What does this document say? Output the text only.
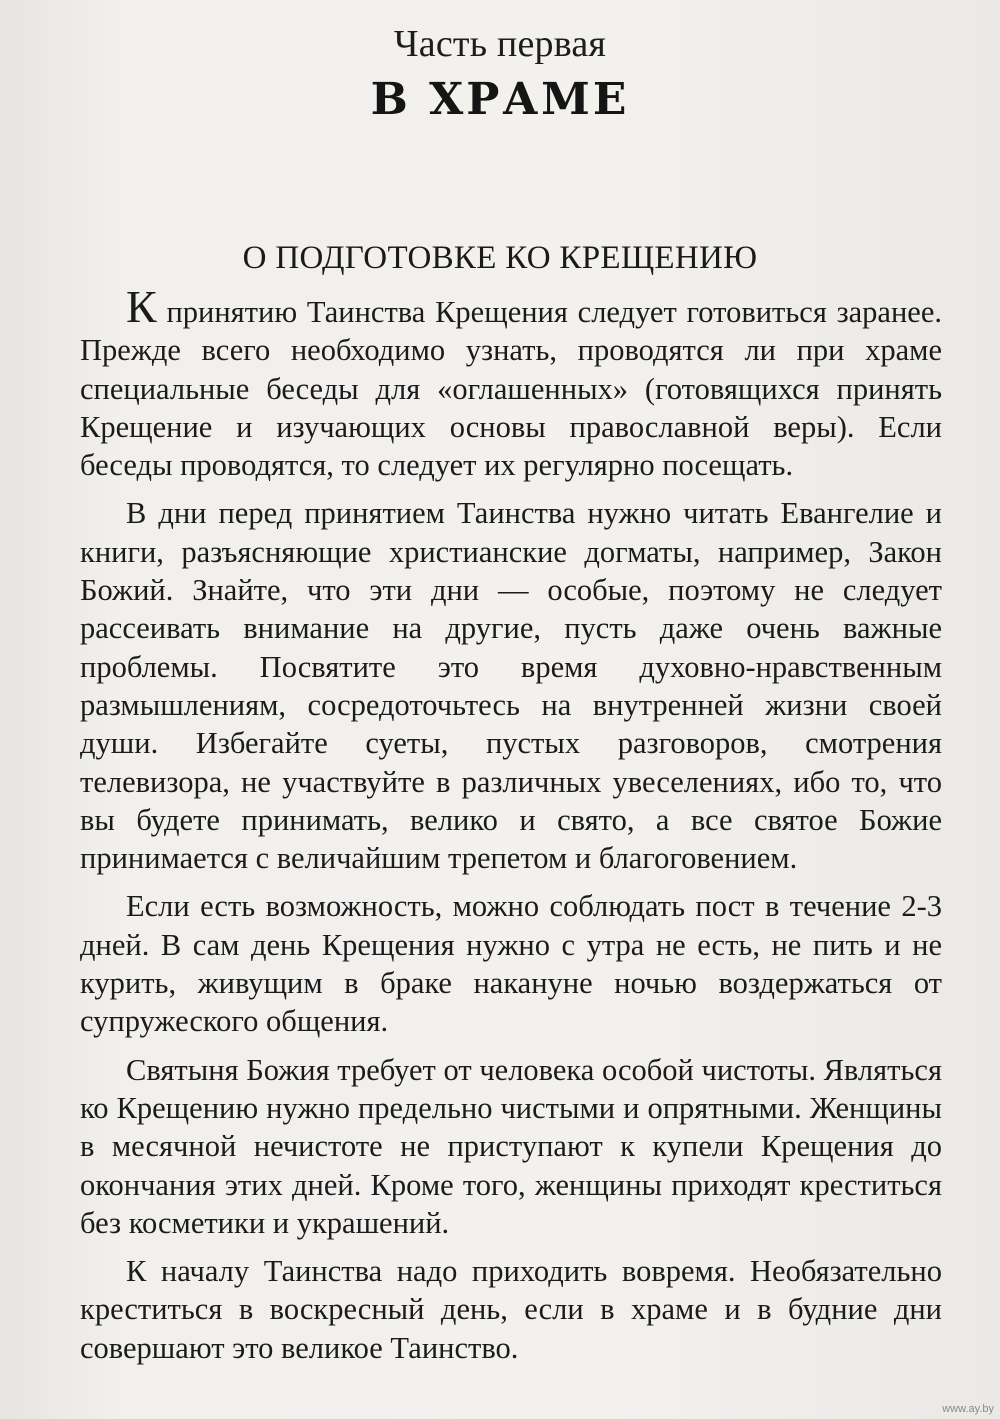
Часть первая
В ХРАМЕ
О ПОДГОТОВКЕ КО КРЕЩЕНИЮ

К принятию Таинства Крещения следует готовиться заранее. Прежде всего необходимо узнать, проводятся ли при храме специальные беседы для «оглашенных» (готовящихся принять Крещение и изучающих основы православной веры). Если беседы проводятся, то следует их регулярно посещать.

В дни перед принятием Таинства нужно читать Евангелие и книги, разъясняющие христианские догматы, например, Закон Божий. Знайте, что эти дни — особые, поэтому не следует рассеивать внимание на другие, пусть даже очень важные проблемы. Посвятите это время духовно-нравственным размышлениям, сосредоточьтесь на внутренней жизни своей души. Избегайте суеты, пустых разговоров, смотрения телевизора, не участвуйте в различных увеселениях, ибо то, что вы будете принимать, велико и свято, а все святое Божие принимается с величайшим трепетом и благоговением.

Если есть возможность, можно соблюдать пост в течение 2-3 дней. В сам день Крещения нужно с утра не есть, не пить и не курить, живущим в браке накануне ночью воздержаться от супружеского общения.

Святыня Божия требует от человека особой чистоты. Являться ко Крещению нужно предельно чистыми и опрятными. Женщины в месячной нечистоте не приступают к купели Крещения до окончания этих дней. Кроме того, женщины приходят креститься без косметики и украшений.

К началу Таинства надо приходить вовремя. Необязательно креститься в воскресный день, если в храме и в будние дни совершают это великое Таинство.

www.ay.by
